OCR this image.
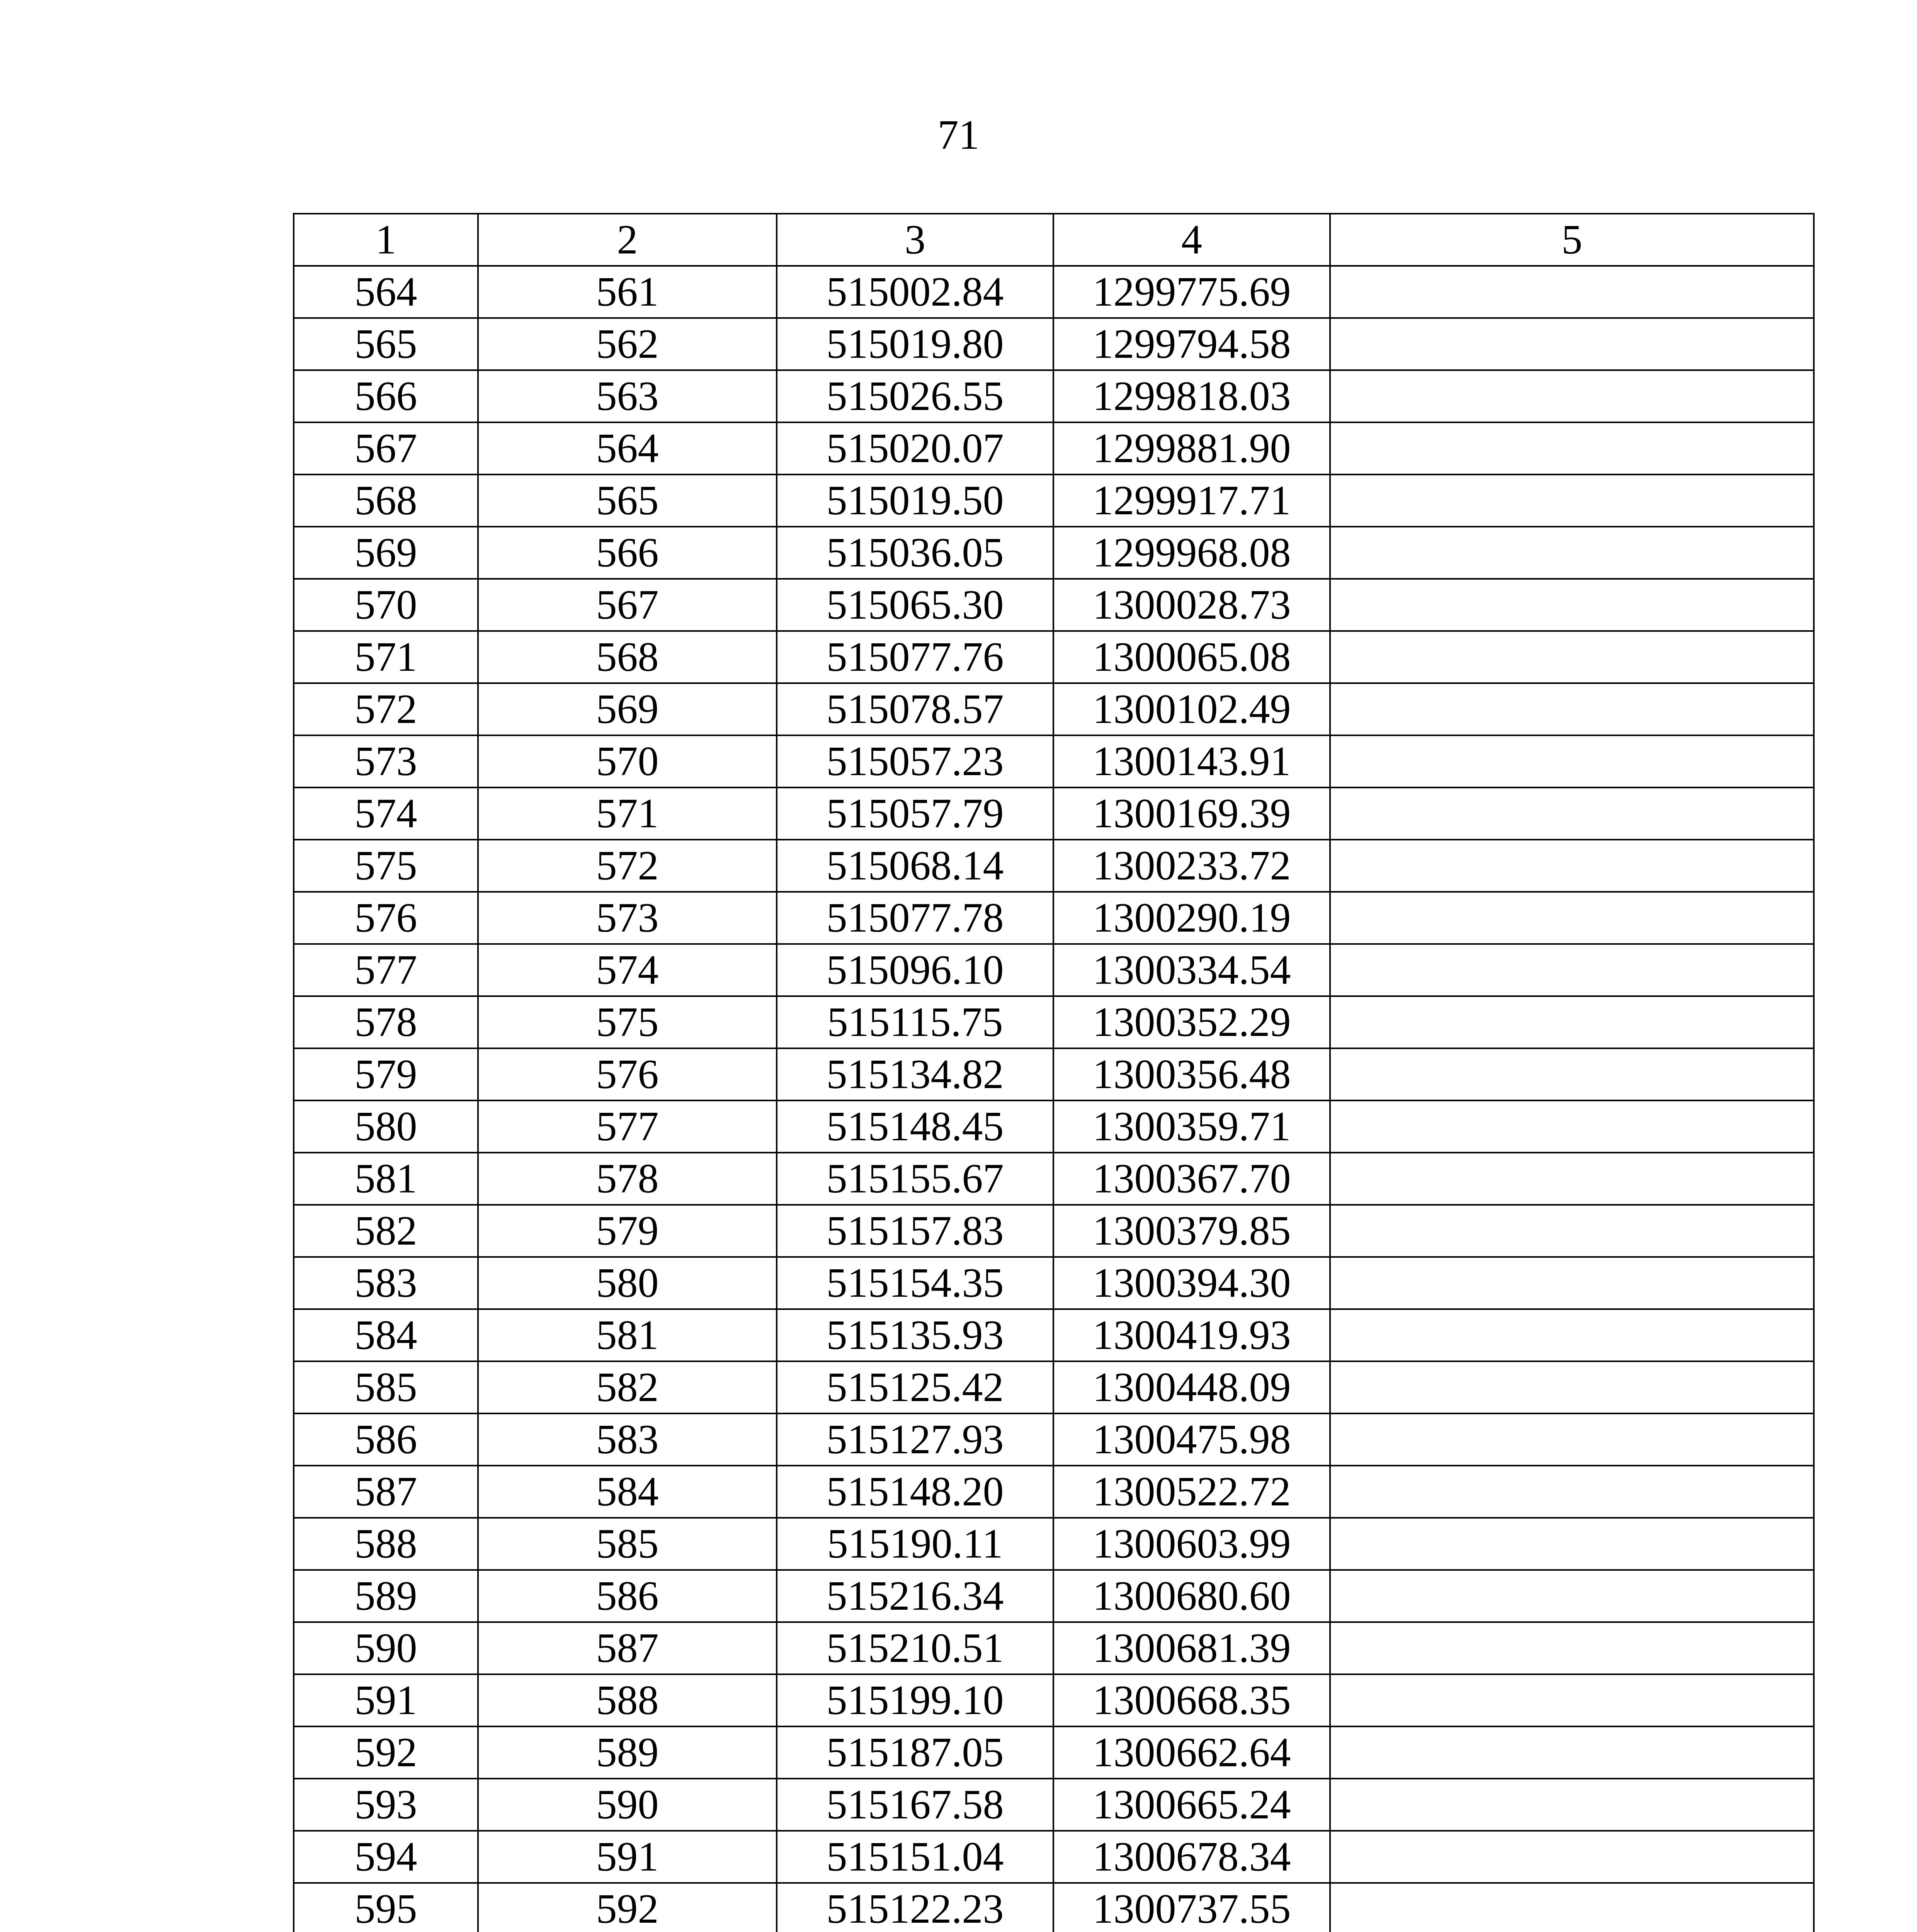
71
1	2	3	4	5
564	561	515002.84	1299775.69	
565	562	515019.80	1299794.58	
566	563	515026.55	1299818.03	
567	564	515020.07	1299881.90	
568	565	515019.50	1299917.71	
569	566	515036.05	1299968.08	
570	567	515065.30	1300028.73	
571	568	515077.76	1300065.08	
572	569	515078.57	1300102.49	
573	570	515057.23	1300143.91	
574	571	515057.79	1300169.39	
575	572	515068.14	1300233.72	
576	573	515077.78	1300290.19	
577	574	515096.10	1300334.54	
578	575	515115.75	1300352.29	
579	576	515134.82	1300356.48	
580	577	515148.45	1300359.71	
581	578	515155.67	1300367.70	
582	579	515157.83	1300379.85	
583	580	515154.35	1300394.30	
584	581	515135.93	1300419.93	
585	582	515125.42	1300448.09	
586	583	515127.93	1300475.98	
587	584	515148.20	1300522.72	
588	585	515190.11	1300603.99	
589	586	515216.34	1300680.60	
590	587	515210.51	1300681.39	
591	588	515199.10	1300668.35	
592	589	515187.05	1300662.64	
593	590	515167.58	1300665.24	
594	591	515151.04	1300678.34	
595	592	515122.23	1300737.55	
